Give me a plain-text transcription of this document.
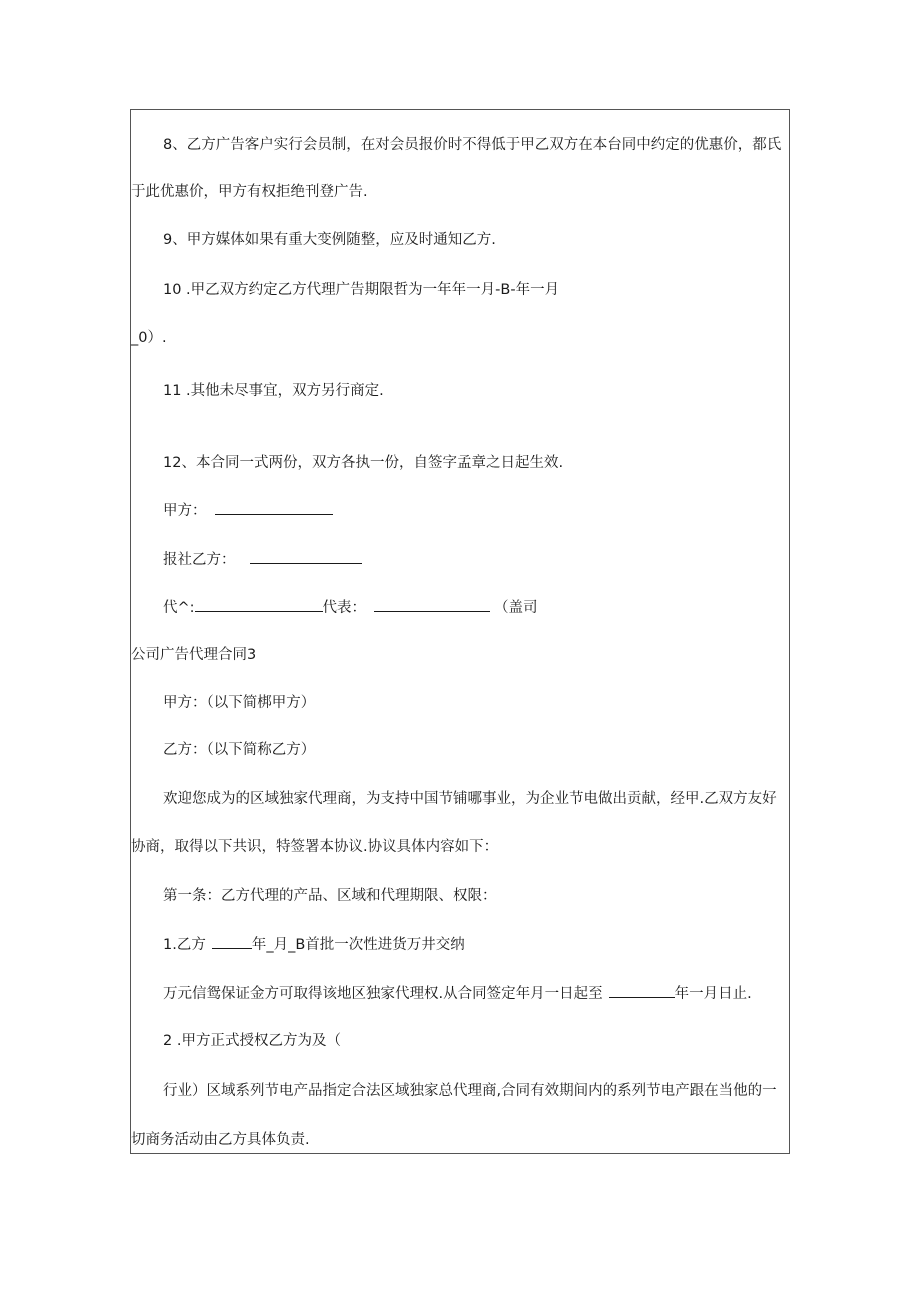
8、乙方广告客户实行会员制，在对会员报价时不得低于甲乙双方在本台同中约定的优惠价，都氏
于此优惠价，甲方有权拒绝刊登广告.
9、甲方媒体如果有重大变例随整，应及时通知乙方.
10 .甲乙双方约定乙方代理广告期限哲为一年年一月-B-年一月
_0）.
11 .其他未尽事宜，双方另行商定.
12、本合同一式两份，双方各执一份，自签字孟章之日起生效.
甲方：
报社乙方：
代^:	代表：	（盖司
公司广告代理合同3
甲方：（以下简梆甲方）
乙方：（以下简称乙方）
欢迎您成为的区域独家代理商，为支持中国节铺哪事业，为企业节电做出贡献，经甲.乙双方友好
协商，取得以下共识，特签署本协议.协议具体内容如下：
第一条：乙方代理的产品、区域和代理期限、权限：
1.乙方	年_月_B首批一次性进货万井交纳
万元信鸳保证金方可取得该地区独家代理权.从合同签定年月一日起至	年一月日止.
2 .甲方正式授权乙方为及（
行业）区域系列节电产品指定合法区域独家总代理商,合同有效期间内的系列节电产跟在当他的一
切商务活动由乙方具体负责.
